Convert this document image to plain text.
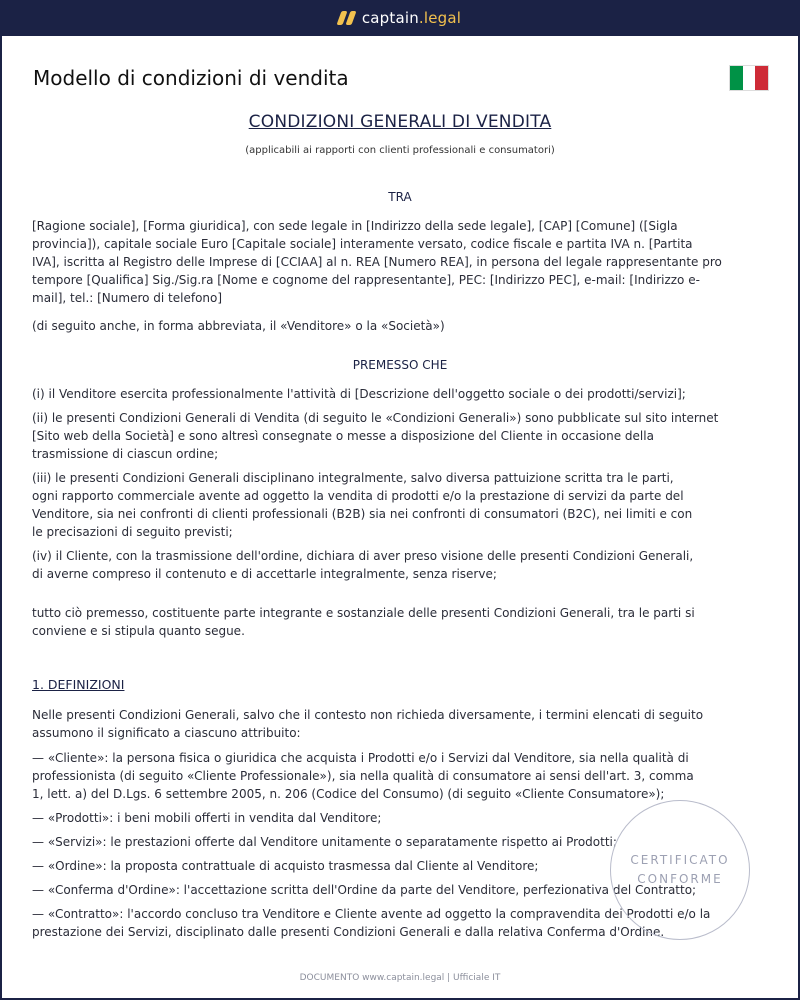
captain.legal
Modello di condizioni di vendita
CONDIZIONI GENERALI DI VENDITA
(applicabili ai rapporti con clienti professionali e consumatori)
TRA

[Ragione sociale], [Forma giuridica], con sede legale in [Indirizzo della sede legale], [CAP] [Comune] ([Sigla provincia]), capitale sociale Euro [Capitale sociale] interamente versato, codice fiscale e partita IVA n. [Partita IVA], iscritta al Registro delle Imprese di [CCIAA] al n. REA [Numero REA], in persona del legale rappresentante pro tempore [Qualifica] Sig./Sig.ra [Nome e cognome del rappresentante], PEC: [Indirizzo PEC], e-mail: [Indirizzo e-mail], tel.: [Numero di telefono]

(di seguito anche, in forma abbreviata, il «Venditore» o la «Società»)

PREMESSO CHE

(i) il Venditore esercita professionalmente l'attività di [Descrizione dell'oggetto sociale o dei prodotti/servizi];

(ii) le presenti Condizioni Generali di Vendita (di seguito le «Condizioni Generali») sono pubblicate sul sito internet [Sito web della Società] e sono altresì consegnate o messe a disposizione del Cliente in occasione della trasmissione di ciascun ordine;

(iii) le presenti Condizioni Generali disciplinano integralmente, salvo diversa pattuizione scritta tra le parti, ogni rapporto commerciale avente ad oggetto la vendita di prodotti e/o la prestazione di servizi da parte del Venditore, sia nei confronti di clienti professionali (B2B) sia nei confronti di consumatori (B2C), nei limiti e con le precisazioni di seguito previsti;

(iv) il Cliente, con la trasmissione dell'ordine, dichiara di aver preso visione delle presenti Condizioni Generali, di averne compreso il contenuto e di accettarle integralmente, senza riserve;

tutto ciò premesso, costituente parte integrante e sostanziale delle presenti Condizioni Generali, tra le parti si conviene e si stipula quanto segue.

1. DEFINIZIONI

Nelle presenti Condizioni Generali, salvo che il contesto non richieda diversamente, i termini elencati di seguito assumono il significato a ciascuno attribuito:

— «Cliente»: la persona fisica o giuridica che acquista i Prodotti e/o i Servizi dal Venditore, sia nella qualità di professionista (di seguito «Cliente Professionale»), sia nella qualità di consumatore ai sensi dell'art. 3, comma 1, lett. a) del D.Lgs. 6 settembre 2005, n. 206 (Codice del Consumo) (di seguito «Cliente Consumatore»);

— «Prodotti»: i beni mobili offerti in vendita dal Venditore;

— «Servizi»: le prestazioni offerte dal Venditore unitamente o separatamente rispetto ai Prodotti;

— «Ordine»: la proposta contrattuale di acquisto trasmessa dal Cliente al Venditore;

— «Conferma d'Ordine»: l'accettazione scritta dell'Ordine da parte del Venditore, perfezionativa del Contratto;

— «Contratto»: l'accordo concluso tra Venditore e Cliente avente ad oggetto la compravendita dei Prodotti e/o la prestazione dei Servizi, disciplinato dalle presenti Condizioni Generali e dalla relativa Conferma d'Ordine.

CERTIFICATO
CONFORME
DOCUMENTO www.captain.legal | Ufficiale IT
